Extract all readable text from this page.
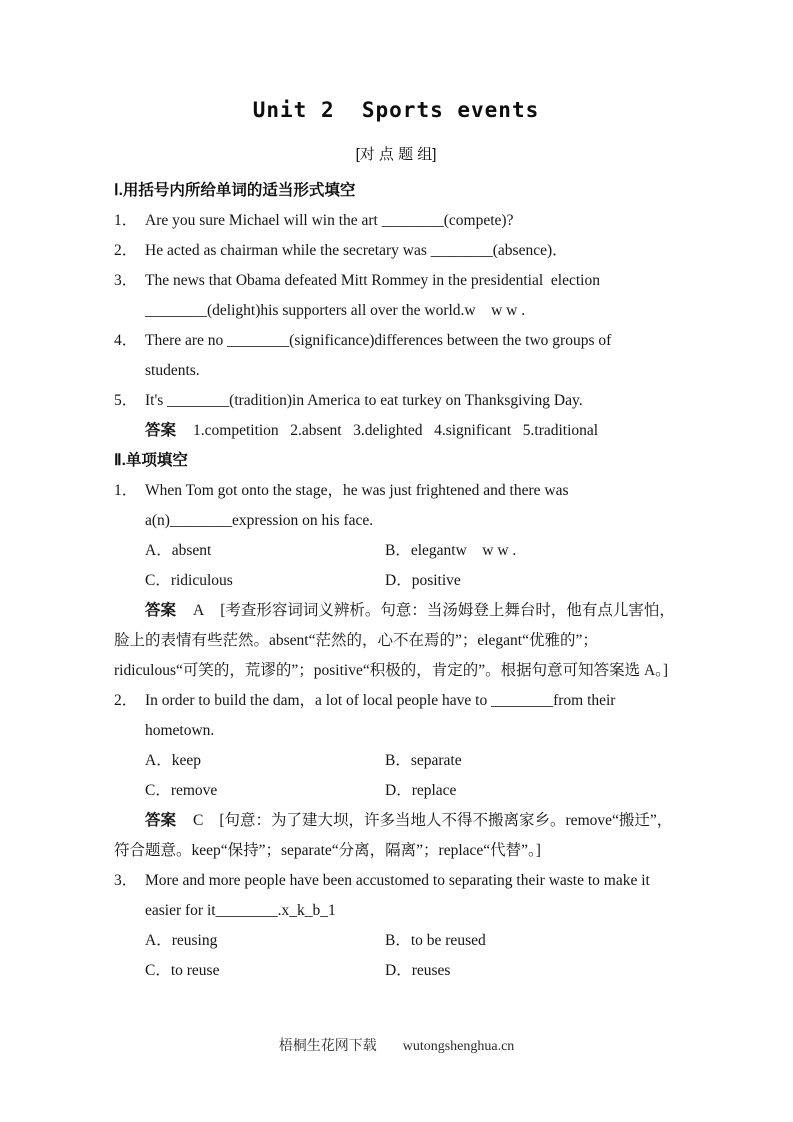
Unit 2  Sports events
[对 点 题 组]
Ⅰ.用括号内所给单词的适当形式填空
1． Are you sure Michael will win the art ________(compete)?
2． He acted as chairman while the secretary was ________(absence)．
3． The news that Obama defeated Mitt Rommey in the presidential  election
________(delight)his supporters all over the world.w    w w .
4． There are no ________(significance)differences between the two groups of
students.
5． It's ________(tradition)in America to eat turkey on Thanksgiving Day.
答案 1.competition   2.absent   3.delighted   4.significant   5.traditional
Ⅱ.单项填空
1． When Tom got onto the stage，he was just frightened and there was
a(n)________expression on his face.
A．absent	B．elegantw    w w .
C．ridiculous	D．positive
答案 A [考查形容词词义辨析。句意：当汤姆登上舞台时，他有点儿害怕，脸上的表情有些茫然。absent“茫然的，心不在焉的”；elegant“优雅的”；ridiculous“可笑的，荒谬的”；positive“积极的，肯定的”。根据句意可知答案选 A。]
2． In order to build the dam，a lot of local people have to ________from their
hometown.
A．keep	B．separate
C．remove	D．replace
答案 C [句意：为了建大坝，许多当地人不得不搬离家乡。remove“搬迁”，符合题意。keep“保持”；separate“分离，隔离”；replace“代替”。]
3． More and more people have been accustomed to separating their waste to make it
easier for it________.x_k_b_1
A．reusing	B．to be reused
C．to reuse	D．reuses
梧桐生花网下载 wutongshenghua.cn
